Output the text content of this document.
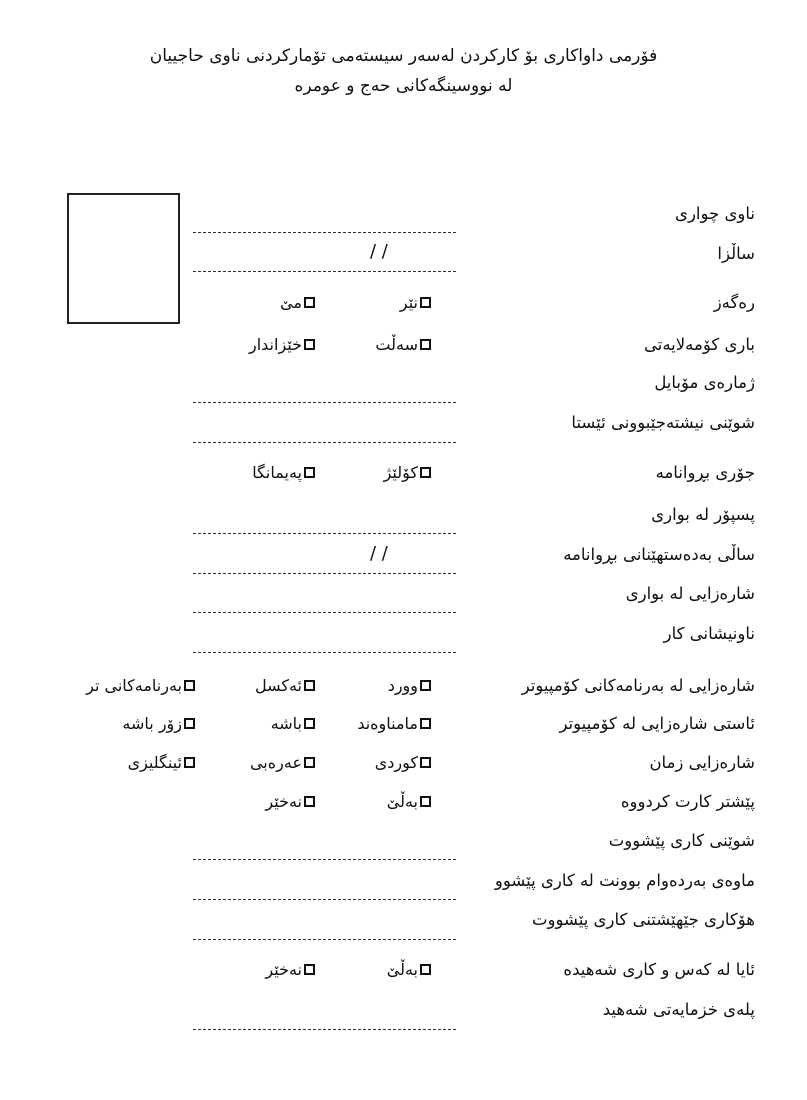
فۆرمی داواکاری بۆ کارکردن لەسەر سیستەمی تۆمارکردنی ناوی حاجییان
لە نووسینگەکانی حەج و عومرە
ناوی چواری
ساڵزا
رەگەز
باری کۆمەلایەتی
ژمارەی مۆبایل
شوێنی نیشتەجێبوونی ئێستا
جۆری بڕوانامە
پسپۆر لە بواری
ساڵی بەدەستهێنانی بڕوانامە
شارەزایی لە بواری
ناونیشانی کار
شارەزایی لە بەرنامەکانی کۆمپیوتر
ئاستی شارەزایی لە کۆمپیوتر
شارەزایی زمان
پێشتر کارت کردووە
شوێنی کاری پێشووت
ماوەی بەردەوام بوونت لە کاری پێشوو
هۆکاری جێهێشتنی کاری پێشووت
ئایا لە کەس و کاری شەهیدە
پلەی خزمایەتی شەهید
/ /
/ /
نێر
مێ
سەڵت
خێزاندار
کۆلێژ
پەیمانگا
وورد
ئەکسل
بەرنامەکانی تر
مامناوەند
باشە
زۆر باشە
کوردی
عەرەبی
ئینگلیزی
بەڵێ
نەخێر
بەڵێ
نەخێر
